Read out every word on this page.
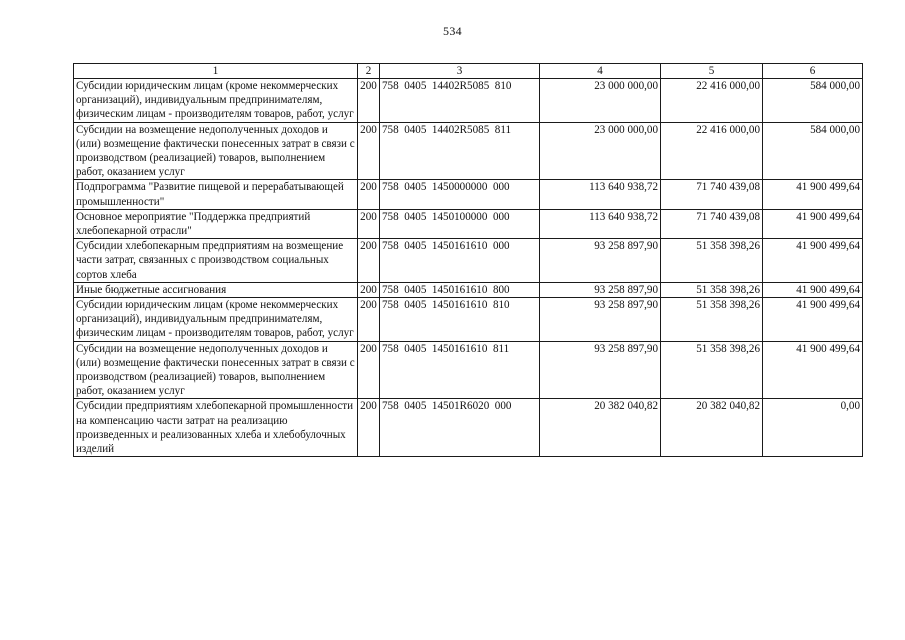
534
1	2	3	4	5	6
Субсидии юридическим лицам (кроме некоммерческих организаций), индивидуальным предпринимателям, физическим лицам - производителям товаров, работ, услуг	200	758  0405  14402R5085  810	23 000 000,00	22 416 000,00	584 000,00
Субсидии на возмещение недополученных доходов и (или) возмещение фактически понесенных затрат в связи с производством (реализацией) товаров, выполнением работ, оказанием услуг	200	758  0405  14402R5085  811	23 000 000,00	22 416 000,00	584 000,00
Подпрограмма "Развитие пищевой и перерабатывающей промышленности"	200	758  0405  1450000000  000	113 640 938,72	71 740 439,08	41 900 499,64
Основное мероприятие "Поддержка предприятий хлебопекарной отрасли"	200	758  0405  1450100000  000	113 640 938,72	71 740 439,08	41 900 499,64
Субсидии хлебопекарным предприятиям на возмещение части затрат, связанных с производством социальных сортов хлеба	200	758  0405  1450161610  000	93 258 897,90	51 358 398,26	41 900 499,64
Иные бюджетные ассигнования	200	758  0405  1450161610  800	93 258 897,90	51 358 398,26	41 900 499,64
Субсидии юридическим лицам (кроме некоммерческих организаций), индивидуальным предпринимателям, физическим лицам - производителям товаров, работ, услуг	200	758  0405  1450161610  810	93 258 897,90	51 358 398,26	41 900 499,64
Субсидии на возмещение недополученных доходов и (или) возмещение фактически понесенных затрат в связи с производством (реализацией) товаров, выполнением работ, оказанием услуг	200	758  0405  1450161610  811	93 258 897,90	51 358 398,26	41 900 499,64
Субсидии предприятиям хлебопекарной промышленности на компенсацию части затрат на реализацию произведенных и реализованных хлеба и хлебобулочных изделий	200	758  0405  14501R6020  000	20 382 040,82	20 382 040,82	0,00
